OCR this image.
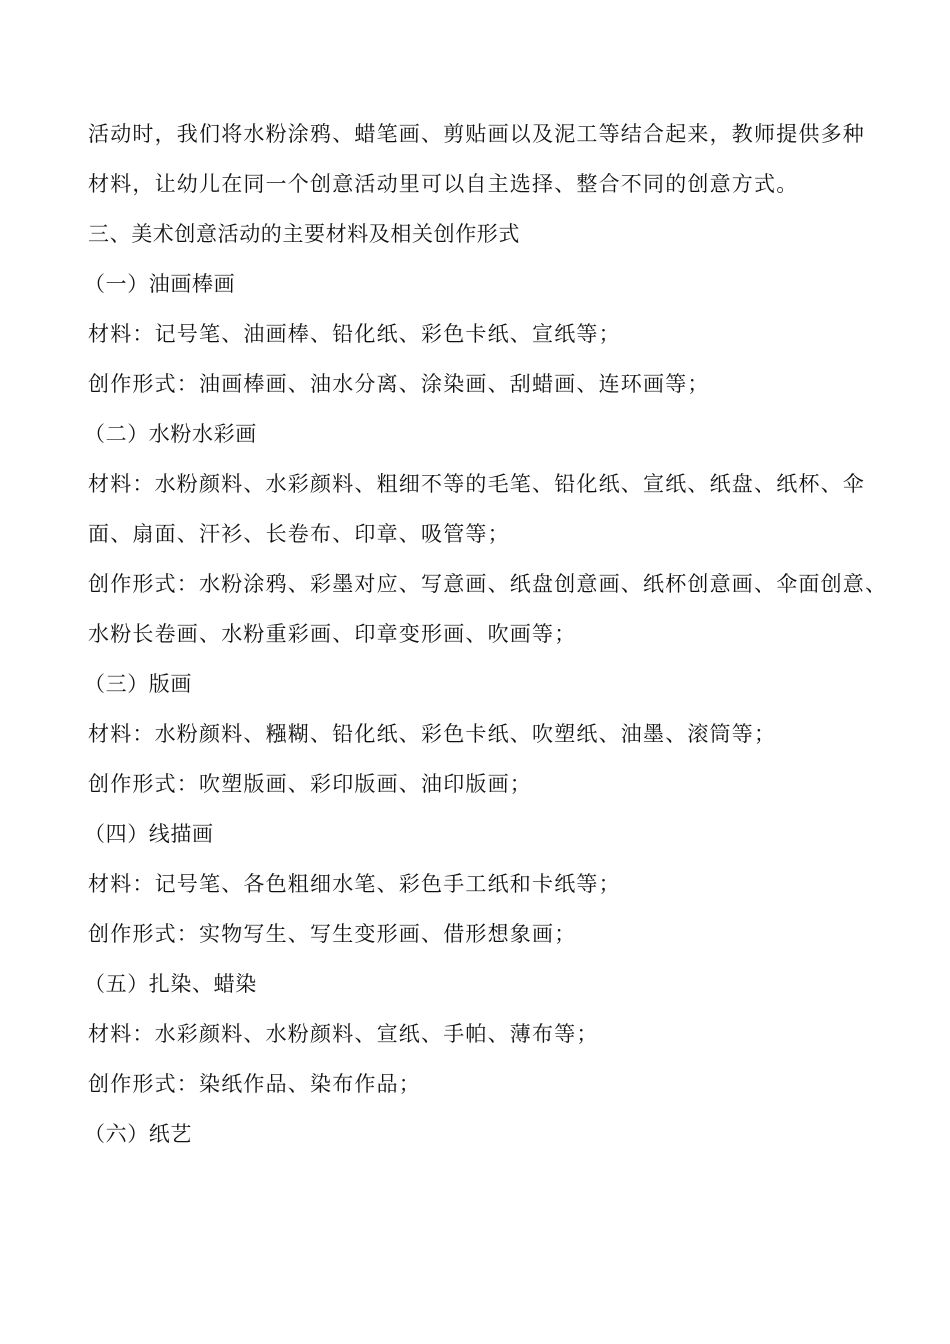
活动时，我们将水粉涂鸦、蜡笔画、剪贴画以及泥工等结合起来，教师提供多种
材料，让幼儿在同一个创意活动里可以自主选择、整合不同的创意方式。
三、美术创意活动的主要材料及相关创作形式
（一）油画棒画
材料：记号笔、油画棒、铅化纸、彩色卡纸、宣纸等；
创作形式：油画棒画、油水分离、涂染画、刮蜡画、连环画等；
（二）水粉水彩画
材料：水粉颜料、水彩颜料、粗细不等的毛笔、铅化纸、宣纸、纸盘、纸杯、伞
面、扇面、汗衫、长卷布、印章、吸管等；
创作形式：水粉涂鸦、彩墨对应、写意画、纸盘创意画、纸杯创意画、伞面创意、
水粉长卷画、水粉重彩画、印章变形画、吹画等；
（三）版画
材料：水粉颜料、糨糊、铅化纸、彩色卡纸、吹塑纸、油墨、滚筒等；
创作形式：吹塑版画、彩印版画、油印版画；
（四）线描画
材料：记号笔、各色粗细水笔、彩色手工纸和卡纸等；
创作形式：实物写生、写生变形画、借形想象画；
（五）扎染、蜡染
材料：水彩颜料、水粉颜料、宣纸、手帕、薄布等；
创作形式：染纸作品、染布作品；
（六）纸艺
